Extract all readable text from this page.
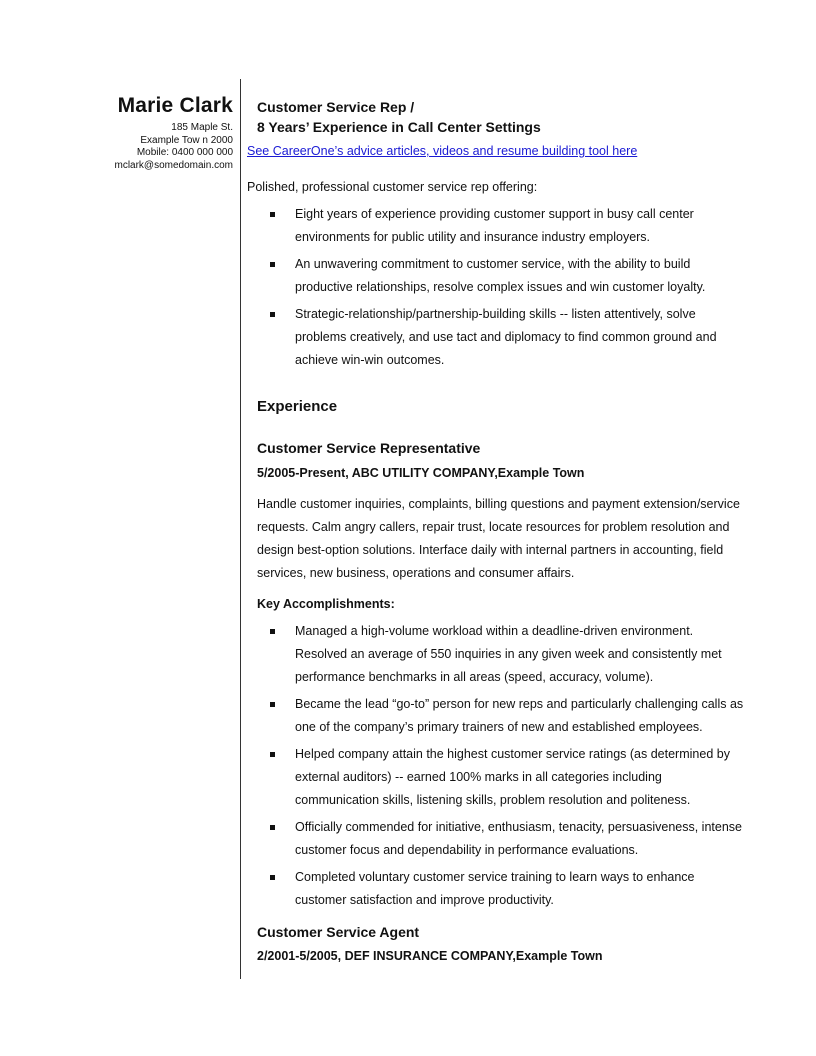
Marie Clark
185 Maple St.
Example Tow n 2000
Mobile: 0400 000 000
mclark@somedomain.com
Customer Service Rep /
8 Years’ Experience in Call Center Settings
See CareerOne’s advice articles, videos and resume building tool here
Polished, professional customer service rep offering:
Eight years of experience providing customer support in busy call center environments for public utility and insurance industry employers.
An unwavering commitment to customer service, with the ability to build productive relationships, resolve complex issues and win customer loyalty.
Strategic-relationship/partnership-building skills -- listen attentively, solve problems creatively, and use tact and diplomacy to find common ground and achieve win-win outcomes.
Experience
Customer Service Representative
5/2005-Present, ABC UTILITY COMPANY,Example Town
Handle customer inquiries, complaints, billing questions and payment extension/service requests. Calm angry callers, repair trust, locate resources for problem resolution and design best-option solutions. Interface daily with internal partners in accounting, field services, new business, operations and consumer affairs.
Key Accomplishments:
Managed a high-volume workload within a deadline-driven environment. Resolved an average of 550 inquiries in any given week and consistently met performance benchmarks in all areas (speed, accuracy, volume).
Became the lead “go-to” person for new reps and particularly challenging calls as one of the company’s primary trainers of new and established employees.
Helped company attain the highest customer service ratings (as determined by external auditors) -- earned 100% marks in all categories including communication skills, listening skills, problem resolution and politeness.
Officially commended for initiative, enthusiasm, tenacity, persuasiveness, intense customer focus and dependability in performance evaluations.
Completed voluntary customer service training to learn ways to enhance customer satisfaction and improve productivity.
Customer Service Agent
2/2001-5/2005, DEF INSURANCE COMPANY,Example Town
